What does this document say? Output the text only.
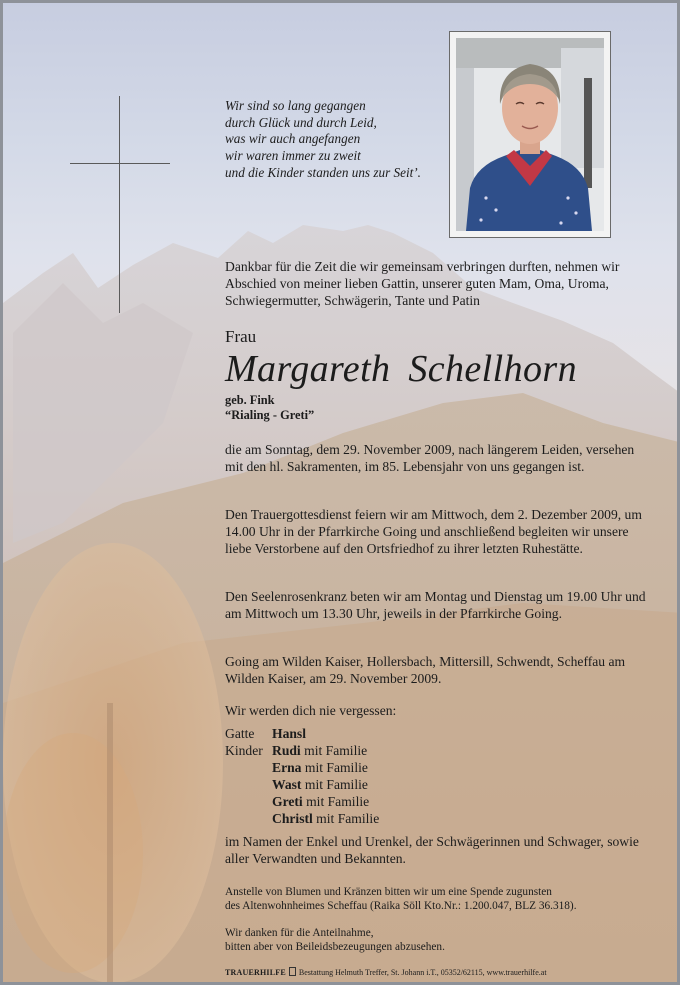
Wir sind so lang gegangen
durch Glück und durch Leid,
was wir auch angefangen
wir waren immer zu zweit
und die Kinder standen uns zur Seit’.
Dankbar für die Zeit die wir gemeinsam verbringen durften, nehmen wir Abschied von meiner lieben Gattin, unserer guten Mam, Oma, Uroma, Schwiegermutter, Schwägerin, Tante und Patin
Frau
Margareth Schellhorn
geb. Fink
“Rialing - Greti”
die am Sonntag, dem 29. November 2009, nach längerem Leiden, versehen mit den hl. Sakramenten, im 85. Lebensjahr von uns gegangen ist.
Den Trauergottesdienst feiern wir am Mittwoch, dem 2. Dezember 2009, um 14.00 Uhr in der Pfarrkirche Going und anschließend begleiten wir unsere liebe Verstorbene auf den Ortsfriedhof zu ihrer letzten Ruhestätte.
Den Seelenrosenkranz beten wir am Montag und Dienstag um 19.00 Uhr und am Mittwoch um 13.30 Uhr, jeweils in der Pfarrkirche Going.
Going am Wilden Kaiser, Hollersbach, Mittersill, Schwendt, Scheffau am Wilden Kaiser, am 29. November 2009.
Wir werden dich nie vergessen:
Gatte Hansl
Kinder Rudi mit Familie
Erna mit Familie
Wast mit Familie
Greti mit Familie
Christl mit Familie
im Namen der Enkel und Urenkel, der Schwägerinnen und Schwager, sowie aller Verwandten und Bekannten.
Anstelle von Blumen und Kränzen bitten wir um eine Spende zugunsten
des Altenwohnheimes Scheffau (Raika Söll Kto.Nr.: 1.200.047, BLZ 36.318).
Wir danken für die Anteilnahme,
bitten aber von Beileidsbezeugungen abzusehen.
TRAUERHILFE Bestattung Helmuth Treffer, St. Johann i.T., 05352/62115, www.trauerhilfe.at
